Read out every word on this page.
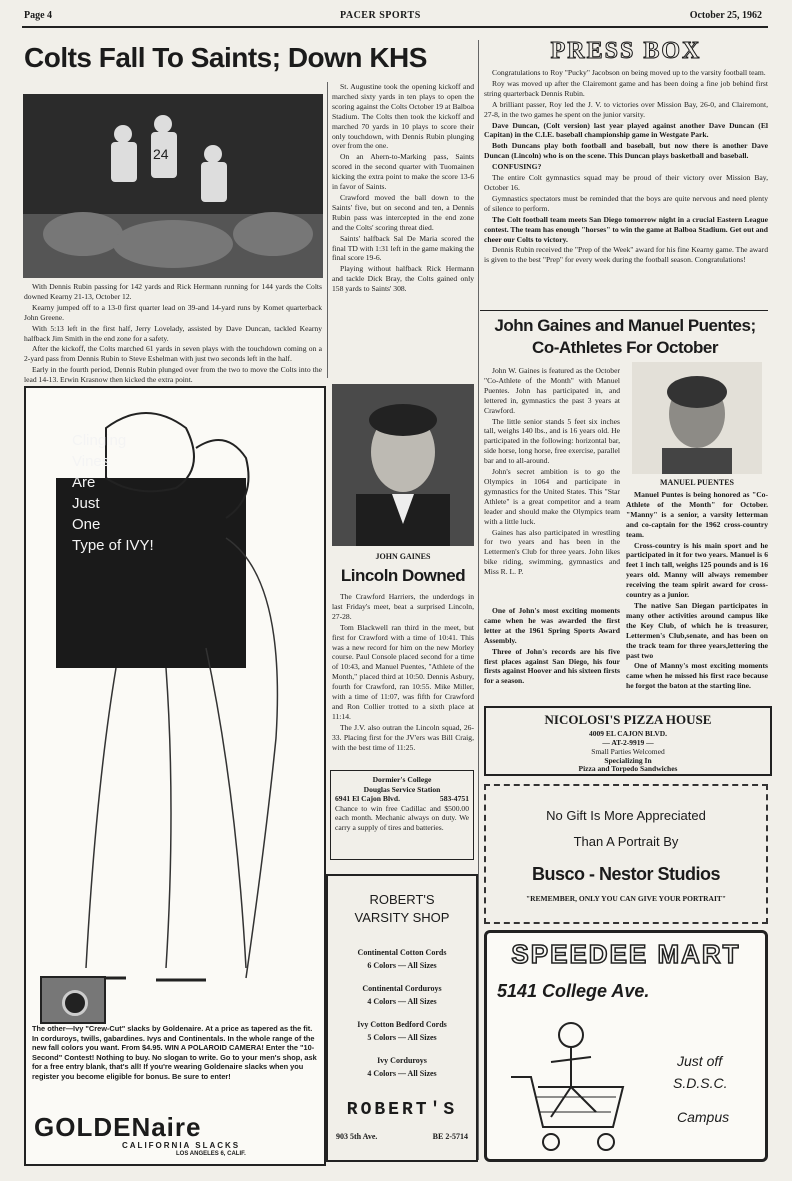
Page 4	PACER SPORTS	October 25, 1962
Colts Fall To Saints; Down KHS
24

With Dennis Rubin passing for 142 yards and Rick Hermann running for 144 yards the Colts downed Kearny 21-13, October 12.

Kearny jumped off to a 13-0 first quarter lead on 39-and 14-yard runs by Komet quarterback John Greene.

With 5:13 left in the first half, Jerry Lovelady, assisted by Dave Duncan, tackled Kearny halfback Jim Smith in the end zone for a safety.

After the kickoff, the Colts marched 61 yards in seven plays with the touchdown coming on a 2-yard pass from Dennis Rubin to Steve Eshelman with just two seconds left in the half.

Early in the fourth period, Dennis Rubin plunged over from the two to move the Colts into the lead 14-13. Erwin Krasnow then kicked the extra point.

St. Augustine took the opening kickoff and marched sixty yards in ten plays to open the scoring against the Colts October 19 at Balboa Stadium. The Colts then took the kickoff and marched 70 yards in 10 plays to score their only touchdown, with Dennis Rubin plunging over from the one.

On an Ahern-to-Marking pass, Saints scored in the second quarter with Tuomainen kicking the extra point to make the score 13-6 in favor of Saints.

Crawford moved the ball down to the Saints' five, but on second and ten, a Dennis Rubin pass was intercepted in the end zone and the Colts' scoring threat died.

Saints' halfback Sal De Maria scored the final TD with 1:31 left in the game making the final score 19-6.

Playing without halfback Rick Hermann and tackle Dick Bray, the Colts gained only 158 yards to Saints' 308.

PRESS BOX

Congratulations to Roy "Pucky" Jacobson on being moved up to the varsity football team.

Roy was moved up after the Clairemont game and has been doing a fine job behind first string quarterback Dennis Rubin.

A brilliant passer, Roy led the J. V. to victories over Mission Bay, 26-0, and Clairemont, 27-8, in the two games he spent on the junior varsity.

Dave Duncan, (Colt version) last year played against another Dave Duncan (El Capitan) in the C.I.E. baseball championship game in Westgate Park.

Both Duncans play both football and baseball, but now there is another Dave Duncan (Lincoln) who is on the scene. This Duncan plays basketball and baseball.

CONFUSING?

The entire Colt gymnastics squad may be proud of their victory over Mission Bay, October 16.

Gymnastics spectators must be reminded that the boys are quite nervous and need plenty of silence to perform.

The Colt football team meets San Diego tomorrow night in a crucial Eastern League contest. The team has enough "horses" to win the game at Balboa Stadium. Get out and cheer our Colts to victory.

Dennis Rubin received the "Prep of the Week" award for his fine Kearny game. The award is given to the best "Prep" for every week during the football season. Congratulations!

John Gaines and Manuel Puentes;
Co-Athletes For October

John W. Gaines is featured as the October "Co-Athlete of the Month" with Manuel Puentes. John has participated in, and lettered in, gymnastics the past 3 years at Crawford.

The little senior stands 5 feet six inches tall, weighs 140 lbs., and is 16 years old. He participated in the following: horizontal bar, side horse, long horse, free exercise, parallel bar and to all-around.

John's secret ambition is to go the Olympics in 1064 and participate in gymnastics for the United States. This "Star Athlete" is a great competitor and a team leader and should make the Olympics team with a little luck.

Gaines has also participated in wrestling for two years and has been in the Lettermen's Club for three years. John likes bike riding, swimming, gymnastics and Miss R. L. P.

One of John's most exciting moments came when he was awarded the first letter at the 1961 Spring Sports Award Assembly.

Three of John's records are his five first places against San Diego, his four firsts against Hoover and his sixteen firsts for a season.

MANUEL PUENTES

Manuel Puntes is being honored as "Co-Athlete of the Month" for October. "Manny" is a senior, a varsity letterman and co-captain for the 1962 cross-country team.

Cross-country is his main sport and he participated in it for two years. Manuel is 6 feet 1 inch tall, weighs 125 pounds and is 16 years old. Manny will always remember receiving the team spirit award for cross-country as a junior.

The native San Diegan participates in many other activities around campus like the Key Club, of which he is treasurer, Lettermen's Club,senate, and has been on the track team for three years,lettering the past two

One of Manny's most exciting moments came when he missed his first race because he forgot the baton at the starting line.

JOHN GAINES
Lincoln Downed

The Crawford Harriers, the underdogs in last Friday's meet, beat a surprised Lincoln, 27-28.

Tom Blackwell ran third in the meet, but first for Crawford with a time of 10:41. This was a new record for him on the new Morley course. Paul Console placed second for a time of 10:43, and Manuel Puentes, "Athlete of the Month," placed third at 10:50. Dennis Asbury, fourth for Crawford, ran 10:55. Mike Miller, with a time of 11:07, was fifth for Crawford and Ron Collier trotted to a sixth place at 11:14.

The J.V. also outran the Lincoln squad, 26-33. Placing first for the JV'ers was Bill Craig, with the best time of 11:25.

Clinging
Vines
Are
Just
One
Type of IVY!
The other—Ivy "Crew-Cut" slacks by Goldenaire. At a price as tapered as the fit. In corduroys, twills, gabardines. Ivys and Continentals. In the whole range of the new fall colors you want. From $4.95. WIN A POLAROID CAMERA! Enter the "10-Second" Contest! Nothing to buy. No slogan to write. Go to your men's shop, ask for a free entry blank, that's all! If you're wearing Goldenaire slacks when you register you become eligible for bonus. Be sure to enter!
GOLDENaire
CALIFORNIA SLACKS
LOS ANGELES 6, CALIF.
Dormier's College
Douglas Service Station
6941 El Cajon Blvd.	583-4751
Chance to win free Cadillac and $500.00 each month. Mechanic always on duty. We carry a supply of tires and batteries.
ROBERT'S
VARSITY SHOP
Continental Cotton Cords
6 Colors — All Sizes
Continental Corduroys
4 Colors — All Sizes
Ivy Cotton Bedford Cords
5 Colors — All Sizes
Ivy Corduroys
4 Colors — All Sizes
ROBERT'S
903 5th Ave.	BE 2-5714
NICOLOSI'S PIZZA HOUSE
4009 EL CAJON BLVD.
— AT-2-9919 —
Small Parties Welcomed
Specializing In
Pizza and Torpedo Sandwiches
No Gift Is More Appreciated
Than A Portrait By
Busco - Nestor Studios
"REMEMBER, ONLY YOU CAN GIVE YOUR PORTRAIT"
SPEEDEE MART
5141 College Ave.
Just off
S.D.S.C.
Campus
